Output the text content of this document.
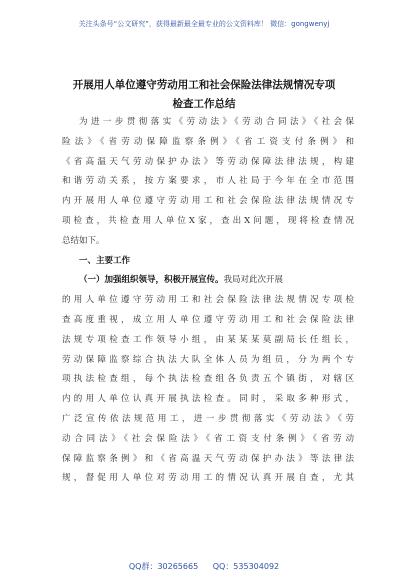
关注头条号“公文研究”，获得最新最全最专业的公文资料库！ 微信：gongwenyj
开展用人单位遵守劳动用工和社会保险法律法规情况专项
检查工作总结
为进一步贯彻落实《劳动法》《劳动合同法》《社会保
险法》《省劳动保障监察条例》《省工资支付条例》和
《省高温天气劳动保护办法》等劳动保障法律法规，构建
和谐劳动关系，按方案要求，市人社局于今年在全市范围
内开展用人单位遵守劳动用工和社会保险法律法规情况专
项检查，共检查用人单位X家，查出X问题，现将检查情况
总结如下。
一、主要工作
（一）加强组织领导，积极开展宣传。我局对此次开展
的用人单位遵守劳动用工和社会保险法律法规情况专项检
查高度重视，成立用人单位遵守劳动用工和社会保险法律
法规专项检查工作领导小组，由某某某莫副局长任组长，
劳动保障监察综合执法大队全体人员为组员，分为两个专
项执法检查组，每个执法检查组各负责五个镇街，对辖区
内的用人单位认真开展执法检查。同时，采取多种形式，
广泛宣传依法规范用工，进一步贯彻落实《劳动法》《劳
动合同法》《社会保险法》《省工资支付条例》《省劳动
保障监察条例》和《省高温天气劳动保护办法》等法律法
规，督促用人单位对劳动用工的情况认真开展自查，尤其
QQ群：30265665 QQ：535304092
